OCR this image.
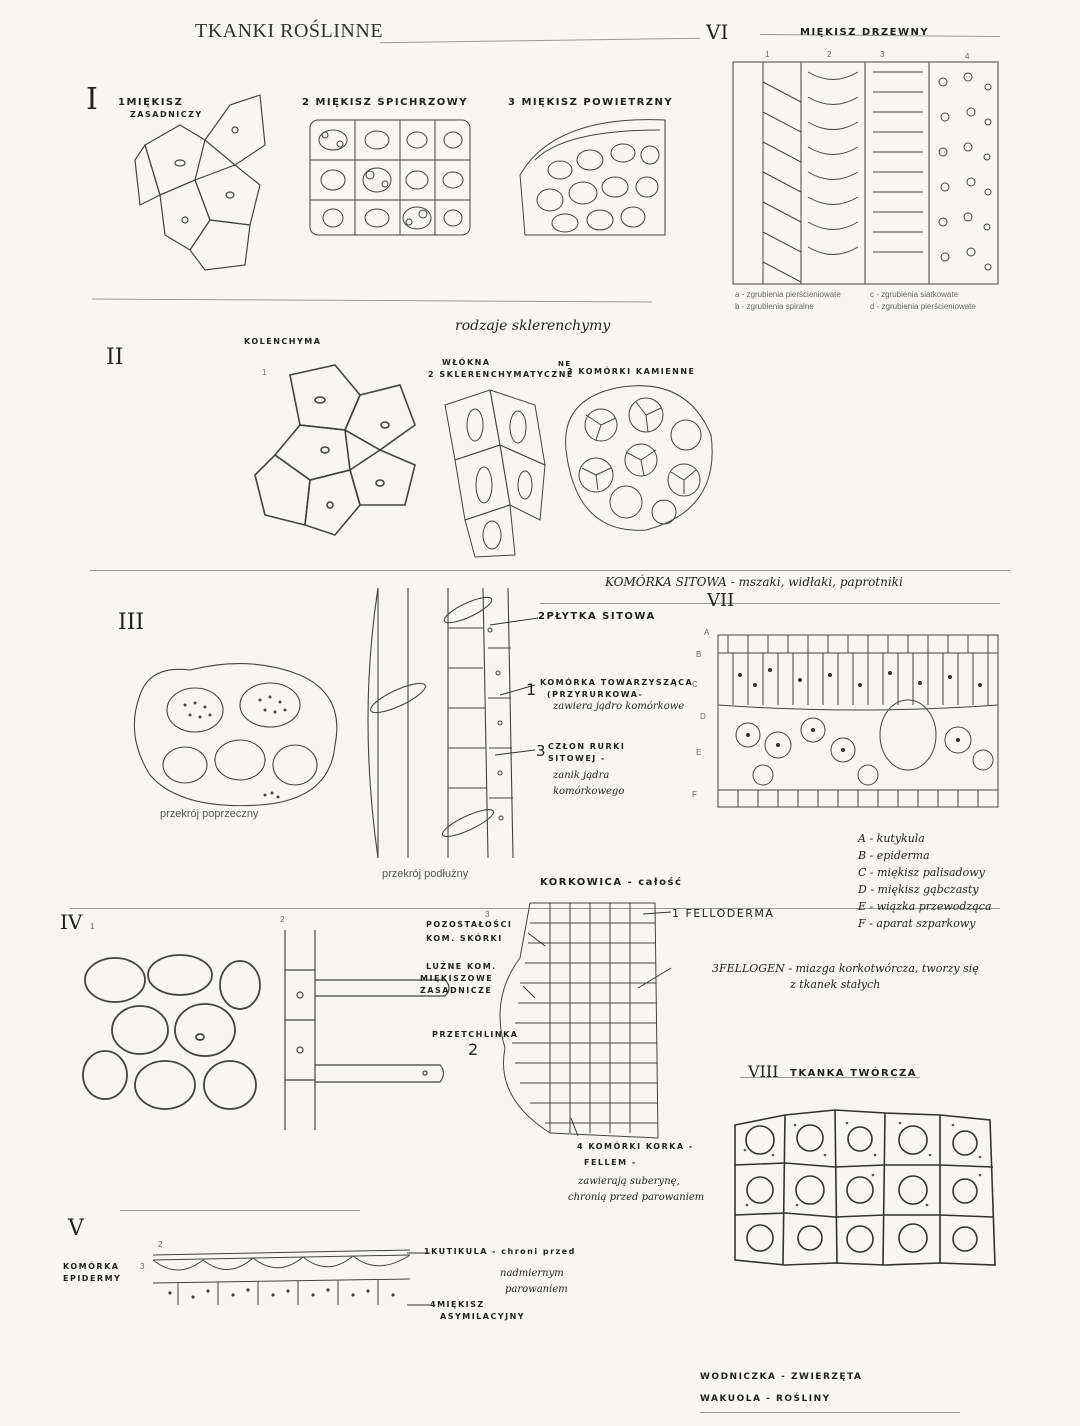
TKANKI ROŚLINNE
I 1MIĘKISZ
ZASADNICZY
2 MIĘKISZ SPICHRZOWY	3 MIĘKISZ POWIETRZNY
VI	MIĘKISZ DRZEWNY
1	2	3	4
a - zgrubienia pierścieniowate
b - zgrubienia spiralne
c - zgrubienia siatkowate
d - zgrubienia pierścieniowate
II
KOLENCHYMA
1
rodzaje sklerenchymy
WŁÓKNA
2 SKLERENCHYMATYCZNE
NE
3 KOMÓRKI KAMIENNE
KOMÓRKA SITOWA - mszaki, widłaki, paprotniki
III
VII
przekrój poprzeczny
przekrój podłużny
2PŁYTKA SITOWA
1 KOMÓRKA TOWARZYSZĄCA
(PRZYRURKOWA-
zawiera jądro komórkowe
3 CZŁON RURKI
SITOWEJ -
zanik jądra
komórkowego
A
B
C
D
E
F
A - kutykula
B - epiderma
C - miękisz palisadowy
D - miękisz gąbczasty
E - wiązka przewodząca
F - aparat szparkowy
IV 1
2
3
KORKOWICA - całość
POZOSTAŁOŚCI
KOM. SKÓRKI
LUŹNE KOM.
MIĘKISZOWE
ZASADNICZE
PRZETCHLINKA
2
1 FELLODERMA
3FELLOGEN - miazga korkotwórcza, tworzy się
z tkanek stałych
4 KOMÓRKI KORKA -
FELLEM -
zawierają suberynę,
chronią przed parowaniem
VIII TKANKA TWÓRCZA
V
2
3
KOMÓRKA
EPIDERMY
1KUTIKULA - chroni przed
nadmiernym
parowaniem
4MIĘKISZ
ASYMILACYJNY
WODNICZKA - ZWIERZĘTA
WAKUOLA - ROŚLINY
